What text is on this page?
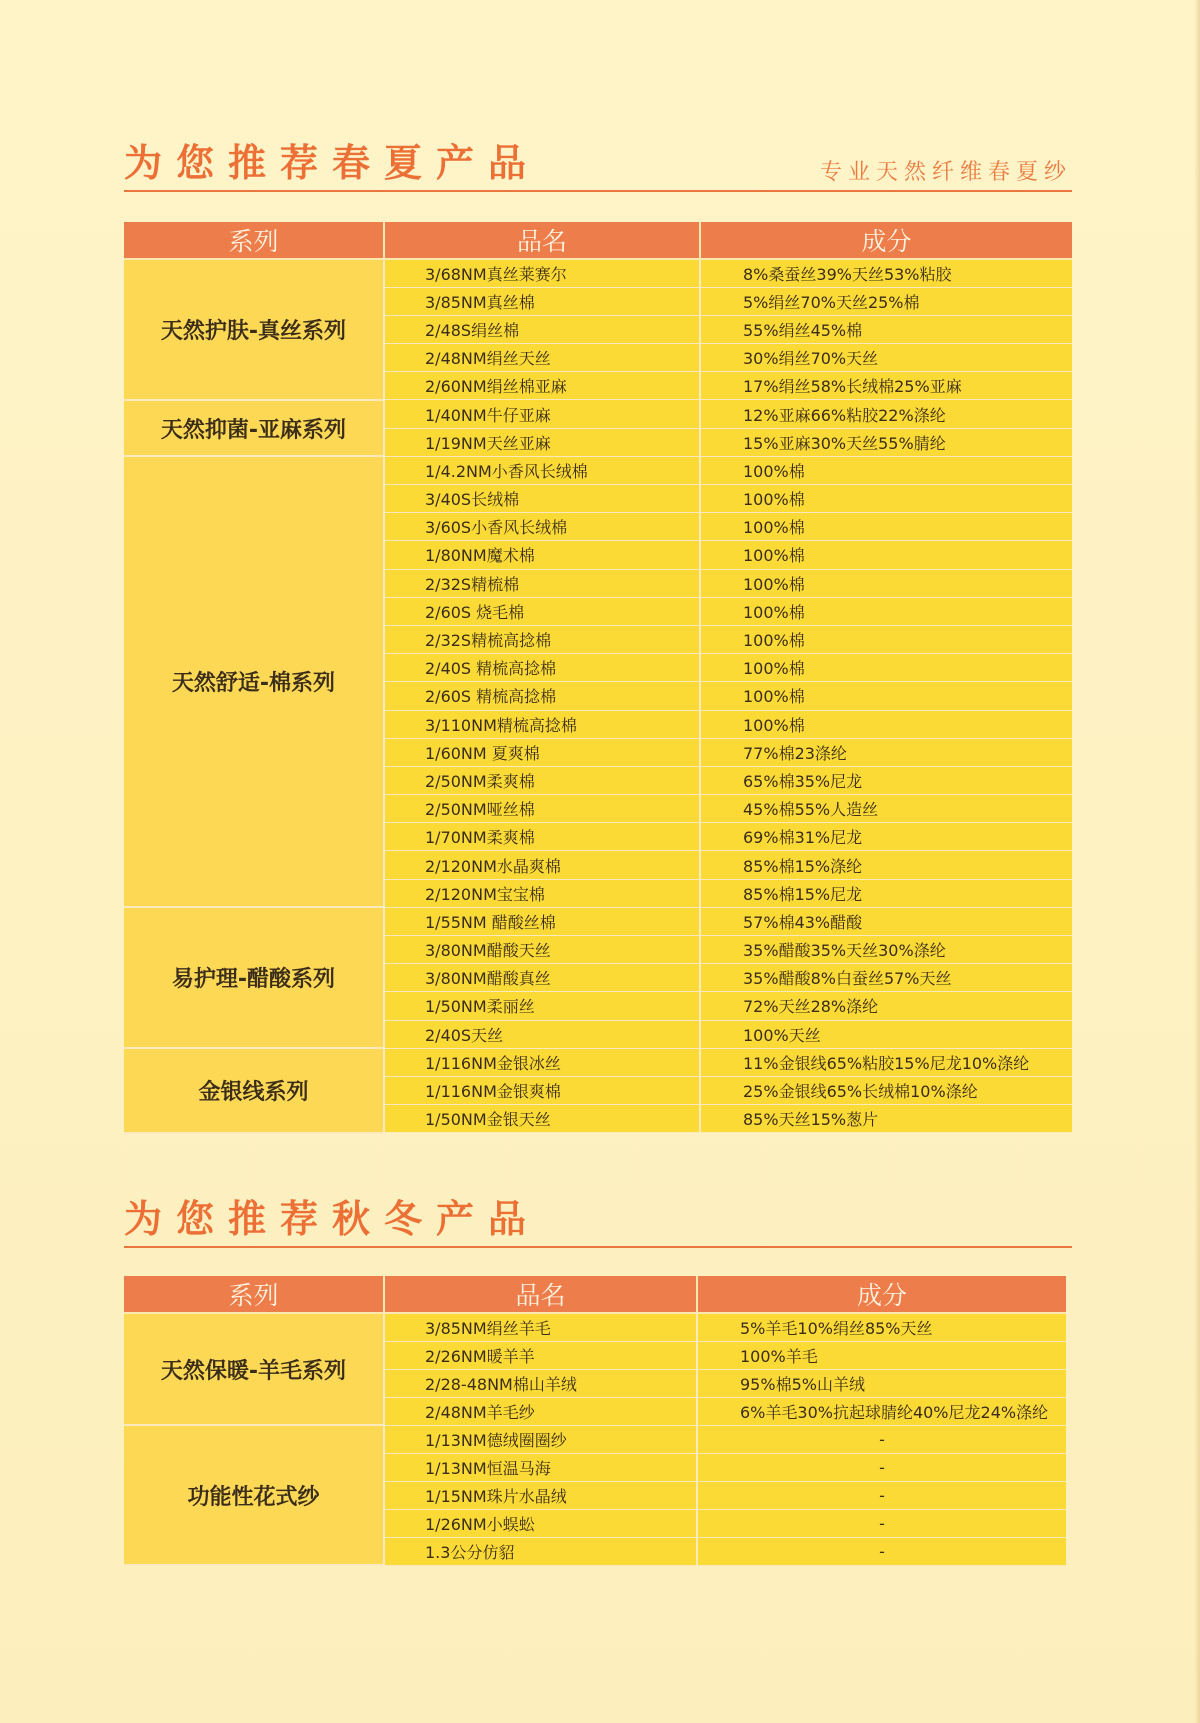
为您推荐春夏产品	专业天然纤维春夏纱
系列	品名	成分
天然护肤-真丝系列	3/68NM真丝莱赛尔	8%桑蚕丝39%天丝53%粘胶
	3/85NM真丝棉	5%绢丝70%天丝25%棉
	2/48S绢丝棉	55%绢丝45%棉
	2/48NM绢丝天丝	30%绢丝70%天丝
	2/60NM绢丝棉亚麻	17%绢丝58%长绒棉25%亚麻
天然抑菌-亚麻系列	1/40NM牛仔亚麻	12%亚麻66%粘胶22%涤纶
	1/19NM天丝亚麻	15%亚麻30%天丝55%腈纶
天然舒适-棉系列	1/4.2NM小香风长绒棉	100%棉
	3/40S长绒棉	100%棉
	3/60S小香风长绒棉	100%棉
	1/80NM魔术棉	100%棉
	2/32S精梳棉	100%棉
	2/60S 烧毛棉	100%棉
	2/32S精梳高捻棉	100%棉
	2/40S 精梳高捻棉	100%棉
	2/60S 精梳高捻棉	100%棉
	3/110NM精梳高捻棉	100%棉
	1/60NM 夏爽棉	77%棉23涤纶
	2/50NM柔爽棉	65%棉35%尼龙
	2/50NM哑丝棉	45%棉55%人造丝
	1/70NM柔爽棉	69%棉31%尼龙
	2/120NM水晶爽棉	85%棉15%涤纶
	2/120NM宝宝棉	85%棉15%尼龙
易护理-醋酸系列	1/55NM 醋酸丝棉	57%棉43%醋酸
	3/80NM醋酸天丝	35%醋酸35%天丝30%涤纶
	3/80NM醋酸真丝	35%醋酸8%白蚕丝57%天丝
	1/50NM柔丽丝	72%天丝28%涤纶
	2/40S天丝	100%天丝
金银线系列	1/116NM金银冰丝	11%金银线65%粘胶15%尼龙10%涤纶
	1/116NM金银爽棉	25%金银线65%长绒棉10%涤纶
	1/50NM金银天丝	85%天丝15%葱片
为您推荐秋冬产品
系列	品名	成分
天然保暖-羊毛系列	3/85NM绢丝羊毛	5%羊毛10%绢丝85%天丝
	2/26NM暖羊羊	100%羊毛
	2/28-48NM棉山羊绒	95%棉5%山羊绒
	2/48NM羊毛纱	6%羊毛30%抗起球腈纶40%尼龙24%涤纶
功能性花式纱	1/13NM德绒圈圈纱	-
	1/13NM恒温马海	-
	1/15NM珠片水晶绒	-
	1/26NM小蜈蚣	-
	1.3公分仿貂	-
